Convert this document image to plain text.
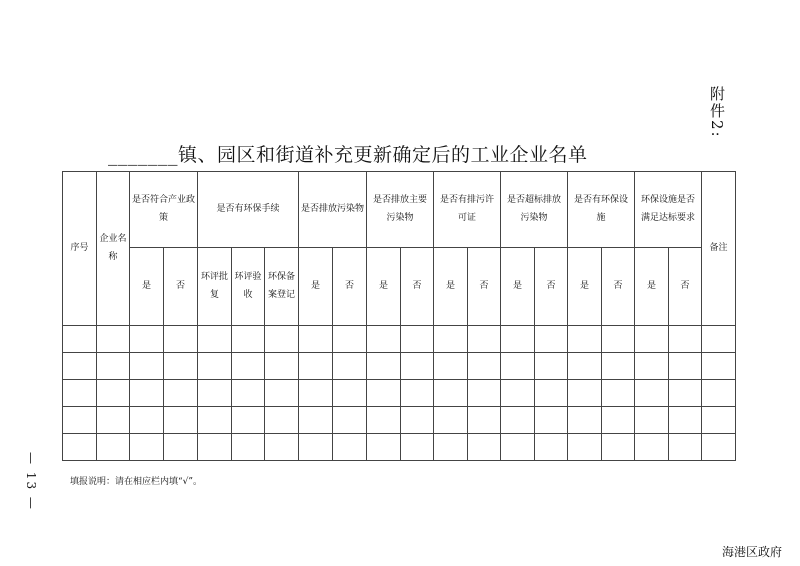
附件2:
_______镇、园区和街道补充更新确定后的工业企业名单
— 13 —
序号	企业名称	是否符合产业政策		是否有环保手续			是否排放污染物		是否排放主要污染物		是否有排污许可证		是否超标排放污染物		是否有环保设施		环保设施是否满足达标要求		备注
		是	否	环评批复	环评验收	环保备案登记	是	否	是	否	是	否	是	否	是	否	是	否	

填报说明：请在相应栏内填“√”。
海港区政府
